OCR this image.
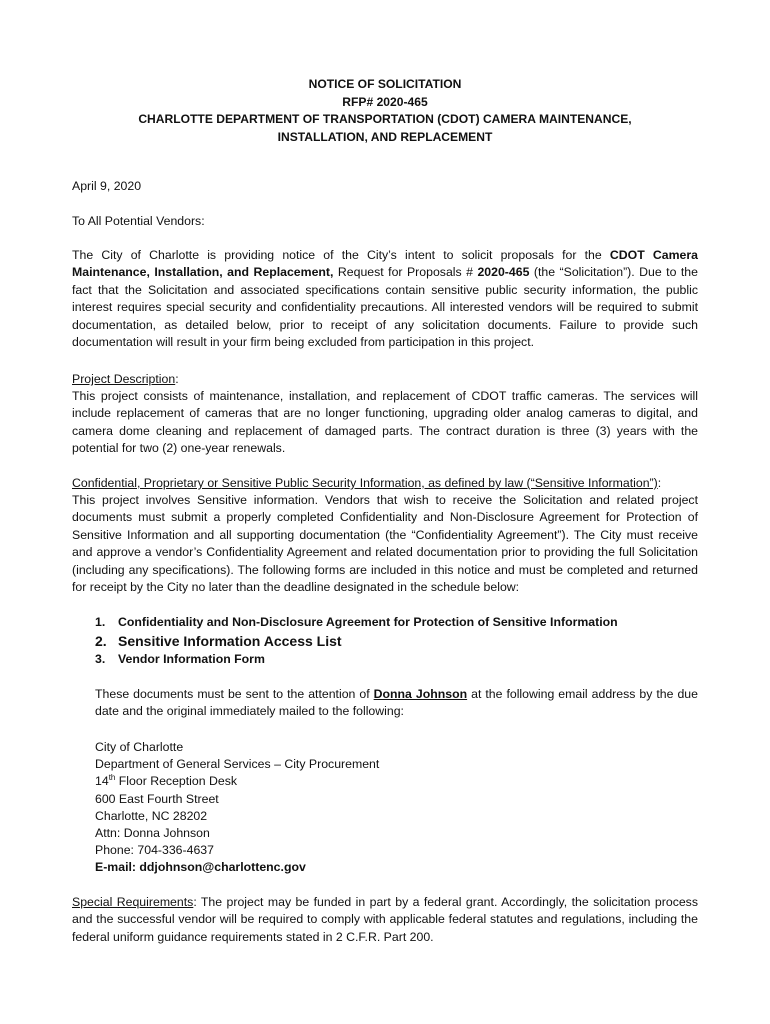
NOTICE OF SOLICITATION
RFP# 2020-465
CHARLOTTE DEPARTMENT OF TRANSPORTATION (CDOT) CAMERA MAINTENANCE,
INSTALLATION, AND REPLACEMENT
April 9, 2020
To All Potential Vendors:
The City of Charlotte is providing notice of the City’s intent to solicit proposals for the CDOT Camera Maintenance, Installation, and Replacement, Request for Proposals # 2020-465 (the “Solicitation”). Due to the fact that the Solicitation and associated specifications contain sensitive public security information, the public interest requires special security and confidentiality precautions. All interested vendors will be required to submit documentation, as detailed below, prior to receipt of any solicitation documents. Failure to provide such documentation will result in your firm being excluded from participation in this project.
Project Description:
This project consists of maintenance, installation, and replacement of CDOT traffic cameras. The services will include replacement of cameras that are no longer functioning, upgrading older analog cameras to digital, and camera dome cleaning and replacement of damaged parts. The contract duration is three (3) years with the potential for two (2) one-year renewals.
Confidential, Proprietary or Sensitive Public Security Information, as defined by law (“Sensitive Information”):
This project involves Sensitive information. Vendors that wish to receive the Solicitation and related project documents must submit a properly completed Confidentiality and Non-Disclosure Agreement for Protection of Sensitive Information and all supporting documentation (the “Confidentiality Agreement”). The City must receive and approve a vendor’s Confidentiality Agreement and related documentation prior to providing the full Solicitation (including any specifications). The following forms are included in this notice and must be completed and returned for receipt by the City no later than the deadline designated in the schedule below:
1. Confidentiality and Non-Disclosure Agreement for Protection of Sensitive Information
2. Sensitive Information Access List
3. Vendor Information Form
These documents must be sent to the attention of Donna Johnson at the following email address by the due date and the original immediately mailed to the following:
City of Charlotte
Department of General Services – City Procurement
14th Floor Reception Desk
600 East Fourth Street
Charlotte, NC 28202
Attn: Donna Johnson
Phone: 704-336-4637
E-mail: ddjohnson@charlottenc.gov
Special Requirements: The project may be funded in part by a federal grant. Accordingly, the solicitation process and the successful vendor will be required to comply with applicable federal statutes and regulations, including the federal uniform guidance requirements stated in 2 C.F.R. Part 200.
